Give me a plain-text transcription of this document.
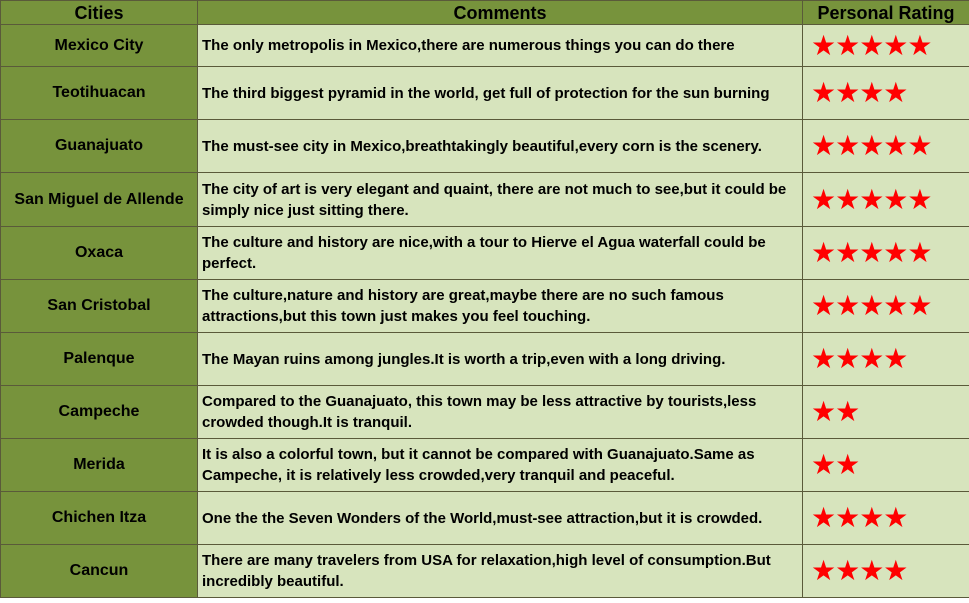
Cities	Comments	Personal Rating
Mexico City	The only metropolis in Mexico,there are numerous things you can do there	★★★★★
Teotihuacan	The third biggest pyramid in the world, get full of protection for the sun burning	★★★★
Guanajuato	The must-see city in Mexico,breathtakingly beautiful,every corn is the scenery.	★★★★★
San Miguel de Allende	The city of art is very elegant and quaint, there are not much to see,but it could be simply nice just sitting there.	★★★★★
Oxaca	The culture and history are nice,with a tour to Hierve el Agua waterfall could be perfect.	★★★★★
San Cristobal	The culture,nature and history are great,maybe there are no such famous attractions,but this town just makes you feel touching.	★★★★★
Palenque	The Mayan ruins among jungles.It is worth a trip,even with a long driving.	★★★★
Campeche	Compared to the Guanajuato, this town may be less attractive by tourists,less crowded though.It is tranquil.	★★
Merida	It is also a colorful town, but it cannot be compared with Guanajuato.Same as Campeche, it is relatively less crowded,very tranquil and peaceful.	★★
Chichen Itza	One the the Seven Wonders of the World,must-see attraction,but it is crowded.	★★★★
Cancun	There are many travelers from USA for relaxation,high level of consumption.But incredibly beautiful.	★★★★
